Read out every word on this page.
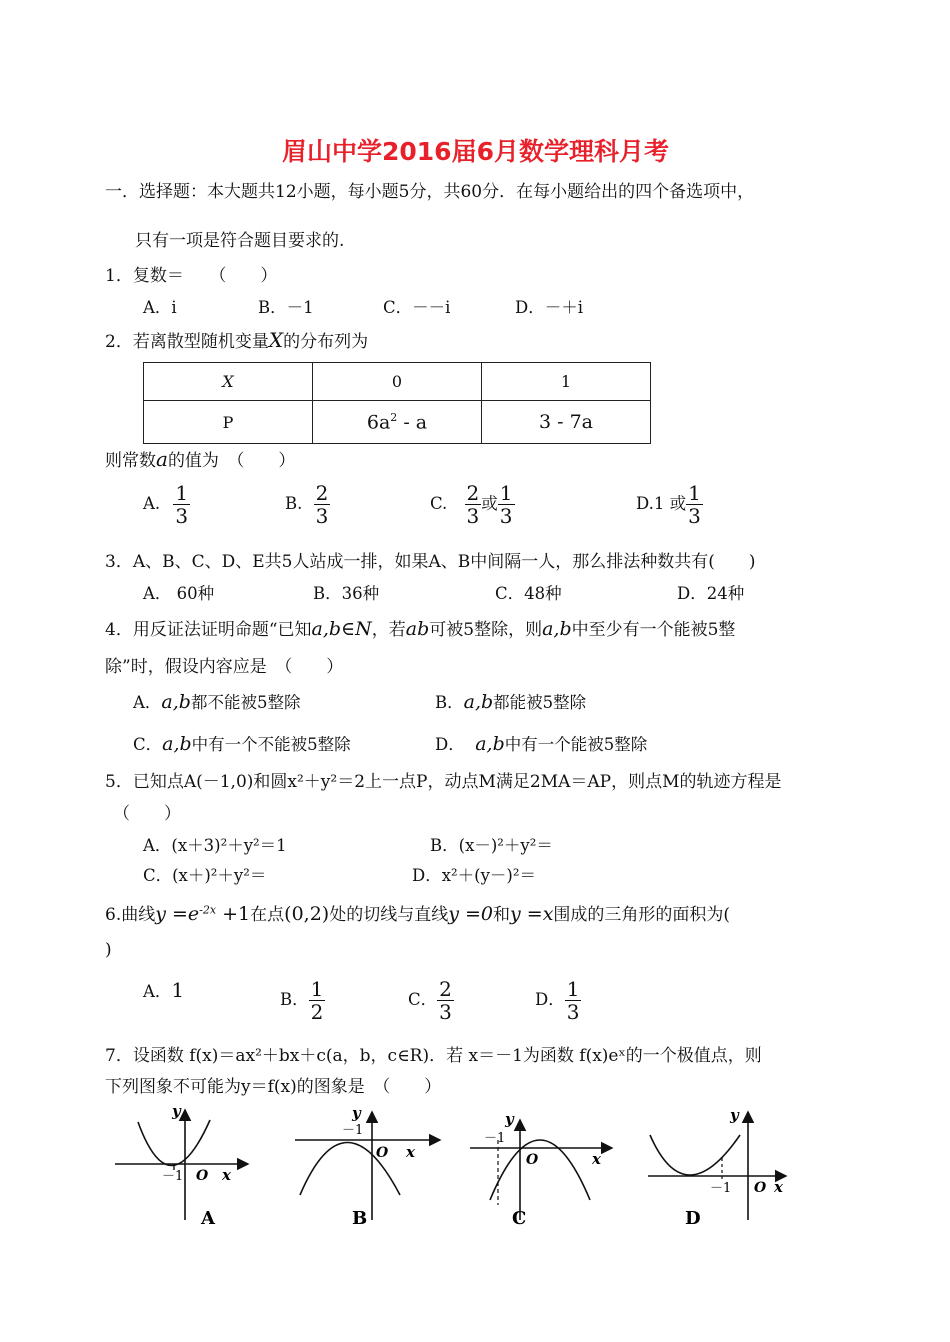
眉山中学2016届6月数学理科月考
一．选择题：本大题共12小题，每小题5分，共60分．在每小题给出的四个备选项中，
只有一项是符合题目要求的.
1．复数＝　　（　　）
A．i	B．－1	C．－－i	D．－＋i
2．若离散型随机变量X的分布列为
X	0	1
P	$6a^2$ - a	3 - 7a
则常数a的值为　（　　）
A. $\frac{1}{3}$	B. $\frac{2}{3}$	C. $\frac{2}{3}$ 或 $\frac{1}{3}$	D.1 或 $\frac{1}{3}$
3．A、B、C、D、E共5人站成一排，如果A、B中间隔一人，那么排法种数共有(　　)
A． 60种	B．36种	C．48种	D．24种
4．用反证法证明命题“已知a,b∈N，若ab可被5整除，则a,b中至少有一个能被5整
除”时，假设内容应是　（　　）
A．a,b都不能被5整除	B．a,b都能被5整除
C．a,b中有一个不能被5整除	D． a,b中有一个能被5整除
5．已知点A(－1,0)和圆x²＋y²＝2上一点P，动点M满足2MA＝AP，则点M的轨迹方程是
（　　）
A．(x＋3)²＋y²＝1	B．(x－)²＋y²＝
C．(x＋)²＋y²＝	D．x²＋(y－)²＝
6.曲线$y =e^{-2x} +1$在点(0,2)处的切线与直线y =0和y =x围成的三角形的面积为(
)
A．1	B． $\frac{1}{2}$	C． $\frac{2}{3}$	D． $\frac{1}{3}$
7．设函数 f(x)＝ax²＋bx＋c(a，b，c∈R)．若 x＝－1为函数 f(x)eˣ的一个极值点，则
下列图象不可能为y＝f(x)的图象是　（　　）
y
－1 O x
A
y
－1
O x
B
y
－1
O	x
C
y
－1 O x
D
